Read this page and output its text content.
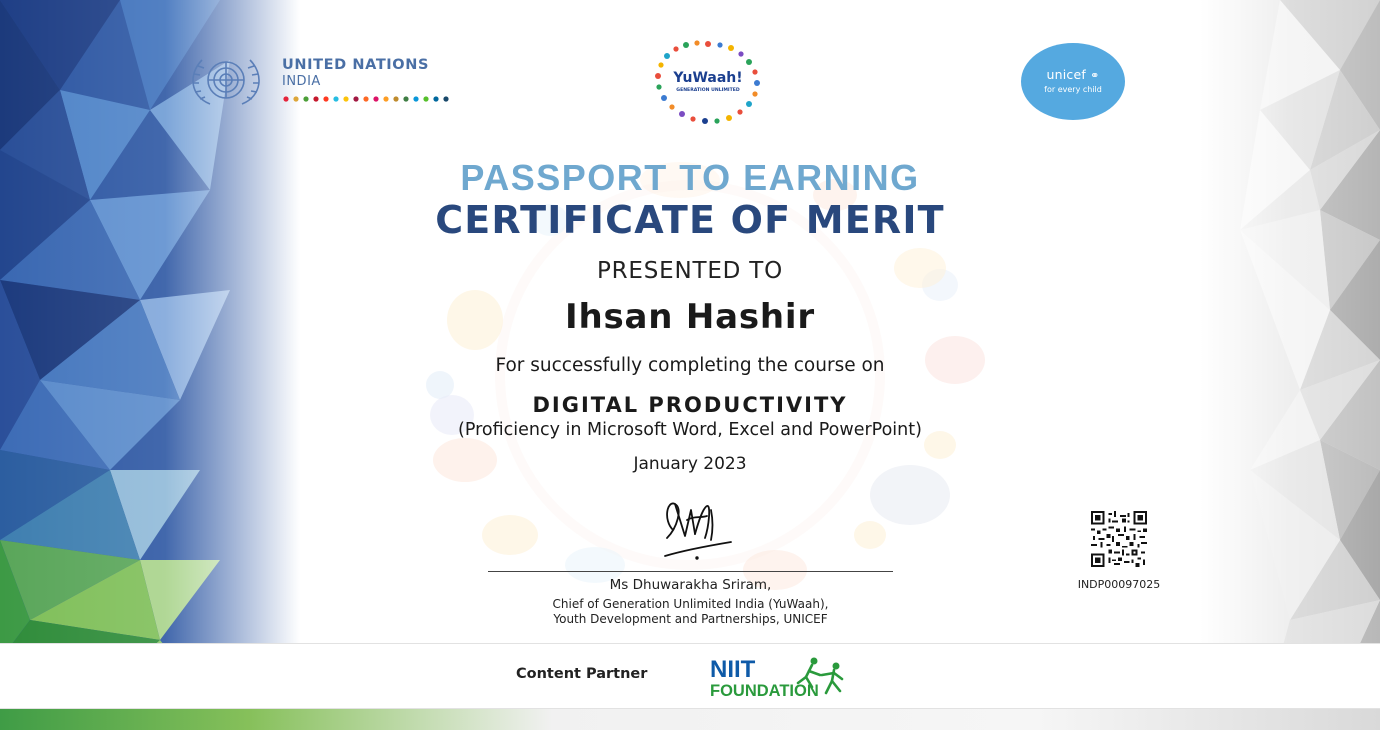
UNITED NATIONS
INDIA	YuWaah!
GENERATION UNLIMITED
unicef ⚭
for every child
PASSPORT TO EARNING
CERTIFICATE OF MERIT
PRESENTED TO
Ihsan Hashir
For successfully completing the course on
DIGITAL PRODUCTIVITY
(Proficiency in Microsoft Word, Excel and PowerPoint)
January 2023
Ms Dhuwarakha Sriram,
Chief of Generation Unlimited India (YuWaah),
Youth Development and Partnerships, UNICEF
INDP00097025
Content Partner	NIIT
FOUNDATION
